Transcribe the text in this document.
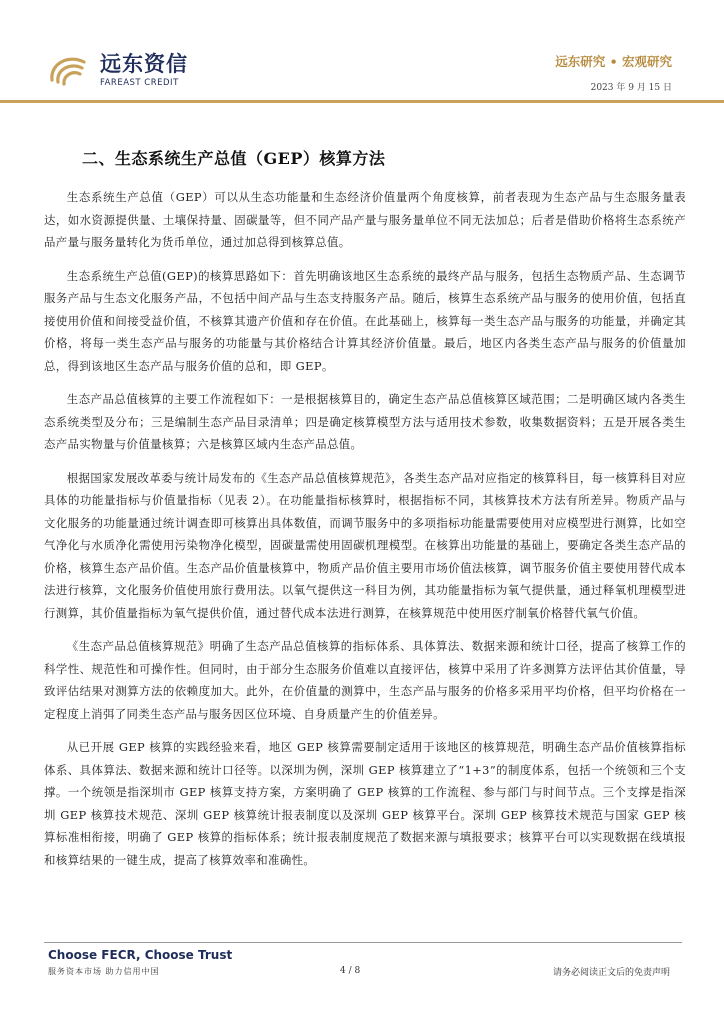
远东资信
FAREAST CREDIT
远东研究 • 宏观研究
2023 年 9 月 15 日
二、生态系统生产总值（GEP）核算方法

生态系统生产总值（GEP）可以从生态功能量和生态经济价值量两个角度核算，前者表现为生态产品与生态服务量表达，如水资源提供量、土壤保持量、固碳量等，但不同产品产量与服务量单位不同无法加总；后者是借助价格将生态系统产品产量与服务量转化为货币单位，通过加总得到核算总值。

生态系统生产总值(GEP)的核算思路如下：首先明确该地区生态系统的最终产品与服务，包括生态物质产品、生态调节服务产品与生态文化服务产品，不包括中间产品与生态支持服务产品。随后，核算生态系统产品与服务的使用价值，包括直接使用价值和间接受益价值，不核算其遗产价值和存在价值。在此基础上，核算每一类生态产品与服务的功能量，并确定其价格，将每一类生态产品与服务的功能量与其价格结合计算其经济价值量。最后，地区内各类生态产品与服务的价值量加总，得到该地区生态产品与服务价值的总和，即 GEP。

生态产品总值核算的主要工作流程如下：一是根据核算目的，确定生态产品总值核算区域范围；二是明确区域内各类生态系统类型及分布；三是编制生态产品目录清单；四是确定核算模型方法与适用技术参数，收集数据资料；五是开展各类生态产品实物量与价值量核算；六是核算区域内生态产品总值。

根据国家发展改革委与统计局发布的《生态产品总值核算规范》，各类生态产品对应指定的核算科目，每一核算科目对应具体的功能量指标与价值量指标（见表 2）。在功能量指标核算时，根据指标不同，其核算技术方法有所差异。物质产品与文化服务的功能量通过统计调查即可核算出具体数值，而调节服务中的多项指标功能量需要使用对应模型进行测算，比如空气净化与水质净化需使用污染物净化模型，固碳量需使用固碳机理模型。在核算出功能量的基础上，要确定各类生态产品的价格，核算生态产品价值。生态产品价值量核算中，物质产品价值主要用市场价值法核算，调节服务价值主要使用替代成本法进行核算，文化服务价值使用旅行费用法。以氧气提供这一科目为例，其功能量指标为氧气提供量，通过释氧机理模型进行测算，其价值量指标为氧气提供价值，通过替代成本法进行测算，在核算规范中使用医疗制氧价格替代氧气价值。

《生态产品总值核算规范》明确了生态产品总值核算的指标体系、具体算法、数据来源和统计口径，提高了核算工作的科学性、规范性和可操作性。但同时，由于部分生态服务价值难以直接评估，核算中采用了许多测算方法评估其价值量，导致评估结果对测算方法的依赖度加大。此外，在价值量的测算中，生态产品与服务的价格多采用平均价格，但平均价格在一定程度上消弭了同类生态产品与服务因区位环境、自身质量产生的价值差异。

从已开展 GEP 核算的实践经验来看，地区 GEP 核算需要制定适用于该地区的核算规范，明确生态产品价值核算指标体系、具体算法、数据来源和统计口径等。以深圳为例，深圳 GEP 核算建立了“1+3”的制度体系，包括一个统领和三个支撑。一个统领是指深圳市 GEP 核算支持方案，方案明确了 GEP 核算的工作流程、参与部门与时间节点。三个支撑是指深圳 GEP 核算技术规范、深圳 GEP 核算统计报表制度以及深圳 GEP 核算平台。深圳 GEP 核算技术规范与国家 GEP 核算标准相衔接，明确了 GEP 核算的指标体系；统计报表制度规范了数据来源与填报要求；核算平台可以实现数据在线填报和核算结果的一键生成，提高了核算效率和准确性。

Choose FECR, Choose Trust
服务资本市场 助力信用中国	4 / 8	请务必阅读正文后的免责声明
